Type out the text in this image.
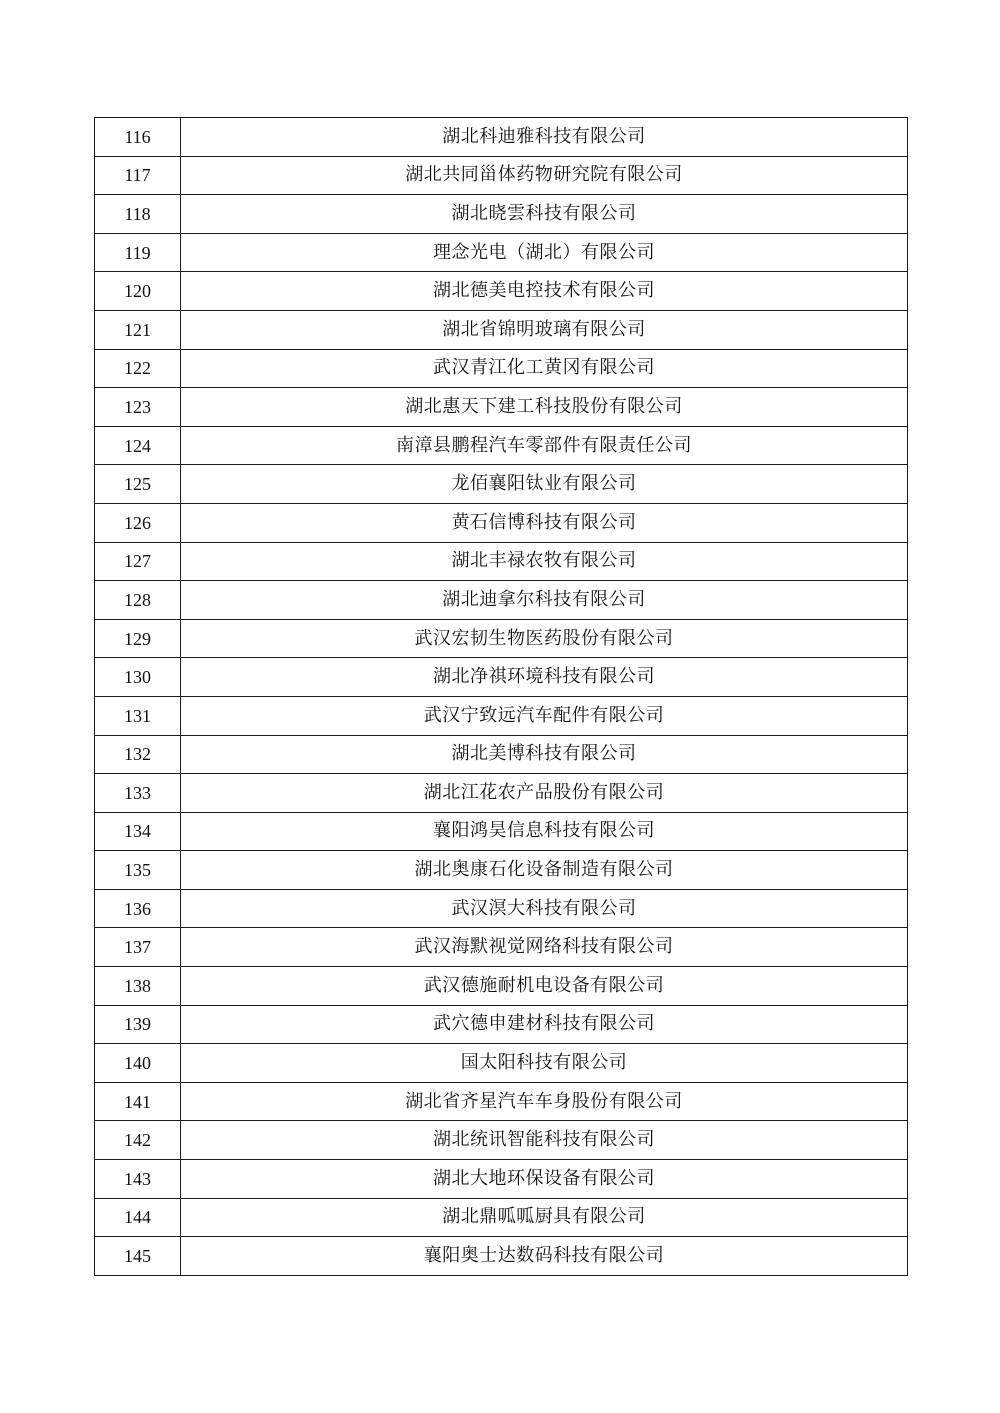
116	湖北科迪雅科技有限公司
117	湖北共同甾体药物研究院有限公司
118	湖北晓雲科技有限公司
119	理念光电（湖北）有限公司
120	湖北德美电控技术有限公司
121	湖北省锦明玻璃有限公司
122	武汉青江化工黄冈有限公司
123	湖北惠天下建工科技股份有限公司
124	南漳县鹏程汽车零部件有限责任公司
125	龙佰襄阳钛业有限公司
126	黄石信博科技有限公司
127	湖北丰禄农牧有限公司
128	湖北迪拿尔科技有限公司
129	武汉宏韧生物医药股份有限公司
130	湖北净祺环境科技有限公司
131	武汉宁致远汽车配件有限公司
132	湖北美博科技有限公司
133	湖北江花农产品股份有限公司
134	襄阳鸿昊信息科技有限公司
135	湖北奥康石化设备制造有限公司
136	武汉溟大科技有限公司
137	武汉海默视觉网络科技有限公司
138	武汉德施耐机电设备有限公司
139	武穴德申建材科技有限公司
140	国太阳科技有限公司
141	湖北省齐星汽车车身股份有限公司
142	湖北统讯智能科技有限公司
143	湖北大地环保设备有限公司
144	湖北鼎呱呱厨具有限公司
145	襄阳奥士达数码科技有限公司
